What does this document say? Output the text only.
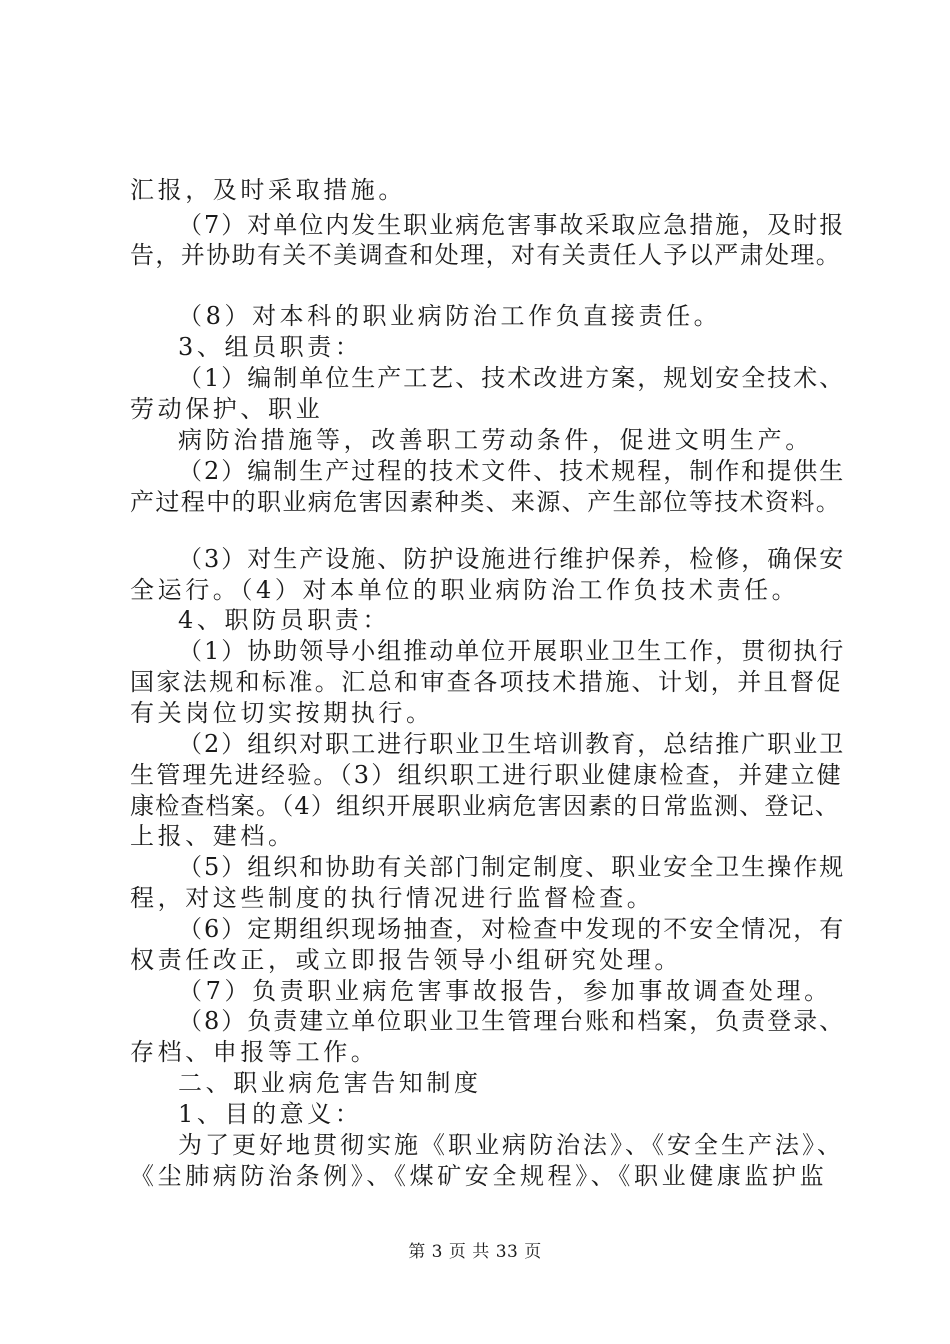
汇报，及时采取措施。
（7）对单位内发生职业病危害事故采取应急措施，及时报
告，并协助有关不美调查和处理，对有关责任人予以严肃处理。
（8）对本科的职业病防治工作负直接责任。
3、组员职责：
（1）编制单位生产工艺、技术改进方案，规划安全技术、
劳动保护、职业
病防治措施等，改善职工劳动条件，促进文明生产。
（2）编制生产过程的技术文件、技术规程，制作和提供生
产过程中的职业病危害因素种类、来源、产生部位等技术资料。
（3）对生产设施、防护设施进行维护保养，检修，确保安
全运行。（4）对本单位的职业病防治工作负技术责任。
4、职防员职责：
（1）协助领导小组推动单位开展职业卫生工作，贯彻执行
国家法规和标准。汇总和审查各项技术措施、计划，并且督促
有关岗位切实按期执行。
（2）组织对职工进行职业卫生培训教育，总结推广职业卫
生管理先进经验。（3）组织职工进行职业健康检查，并建立健
康检查档案。（4）组织开展职业病危害因素的日常监测、登记、
上报、建档。
（5）组织和协助有关部门制定制度、职业安全卫生操作规
程，对这些制度的执行情况进行监督检查。
（6）定期组织现场抽查，对检查中发现的不安全情况，有
权责任改正，或立即报告领导小组研究处理。
（7）负责职业病危害事故报告，参加事故调查处理。
（8）负责建立单位职业卫生管理台账和档案，负责登录、
存档、申报等工作。
二、职业病危害告知制度
1、目的意义：
为了更好地贯彻实施《职业病防治法》、《安全生产法》、
《尘肺病防治条例》、《煤矿安全规程》、《职业健康监护监
第 3 页 共 33 页
